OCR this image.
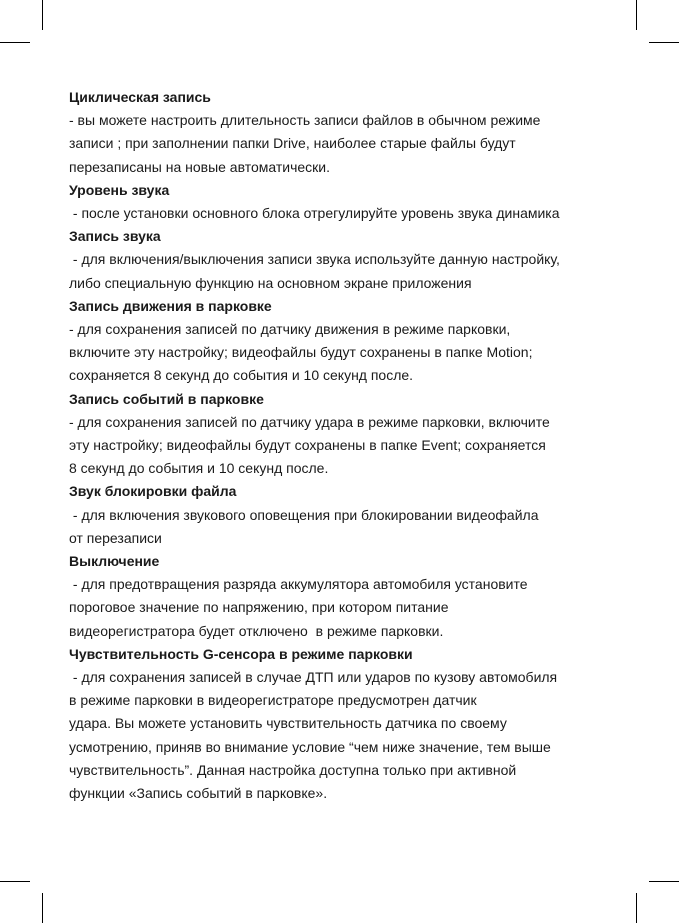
Циклическая запись
- вы можете настроить длительность записи файлов в обычном режиме
записи ; при заполнении папки Drive, наиболее старые файлы будут
перезаписаны на новые автоматически.
Уровень звука
- после установки основного блока отрегулируйте уровень звука динамика
Запись звука
- для включения/выключения записи звука используйте данную настройку,
либо специальную функцию на основном экране приложения
Запись движения в парковке
- для сохранения записей по датчику движения в режиме парковки,
включите эту настройку; видеофайлы будут сохранены в папке Motion;
сохраняется 8 секунд до события и 10 секунд после.
Запись событий в парковке
- для сохранения записей по датчику удара в режиме парковки, включите
эту настройку; видеофайлы будут сохранены в папке Event; сохраняется
8 секунд до события и 10 секунд после.
Звук блокировки файла
- для включения звукового оповещения при блокировании видеофайла
от перезаписи
Выключение
- для предотвращения разряда аккумулятора автомобиля установите
пороговое значение по напряжению, при котором питание
видеорегистратора будет отключено  в режиме парковки.
Чувствительность G-сенсора в режиме парковки
- для сохранения записей в случае ДТП или ударов по кузову автомобиля
в режиме парковки в видеорегистраторе предусмотрен датчик
удара. Вы можете установить чувствительность датчика по своему
усмотрению, приняв во внимание условие “чем ниже значение, тем выше
чувствительность”. Данная настройка доступна только при активной
функции «Запись событий в парковке».
